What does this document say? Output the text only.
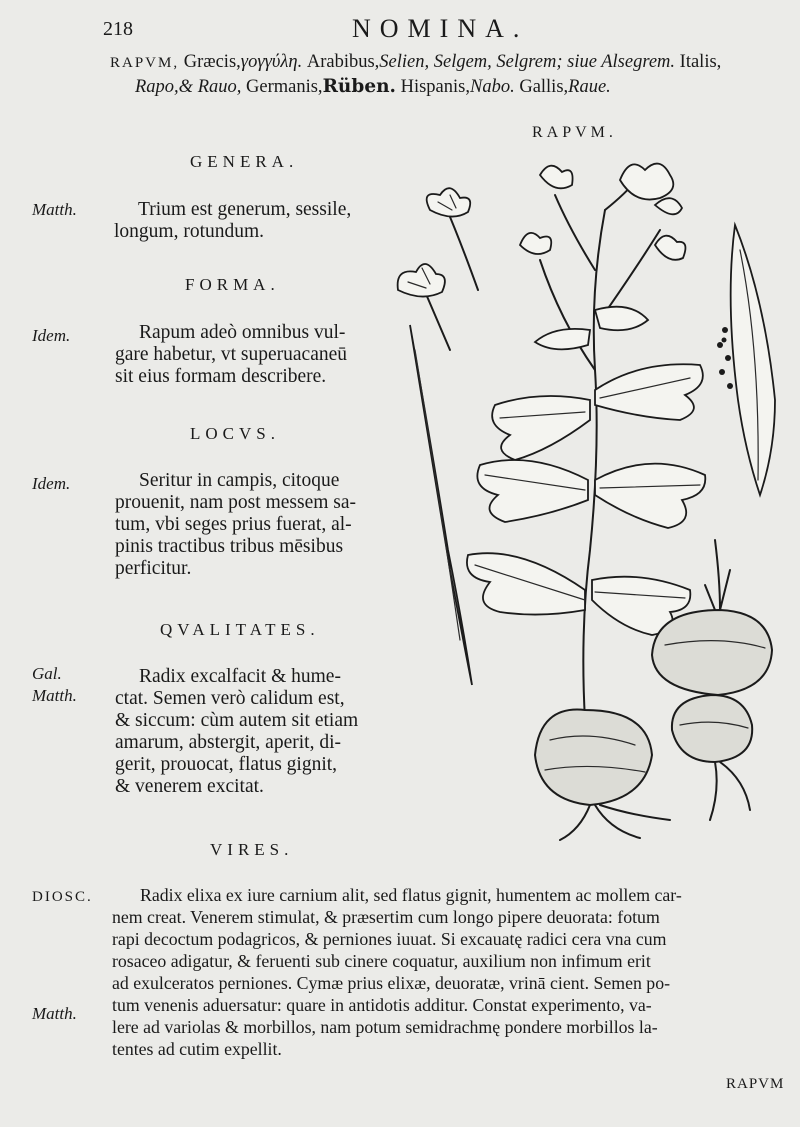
218	NOMINA.
RAPVM, Græcis,γογγύλη. Arabibus,Selien, Selgem, Selgrem; siue Alsegrem. Italis,
Rapo,& Rauo, Germanis,Rüben. Hispanis,Nabo. Gallis,Raue.
RAPVM.
GENERA.
Matth.	Trium est generum, sessile,

longum, rotundum.

FORMA.
Idem.	Rapum adeò omnibus vul-

gare habetur, vt superuacaneū

sit eius formam describere.

LOCVS.
Idem.	Seritur in campis, citoque

prouenit, nam post messem sa-

tum, vbi seges prius fuerat, al-

pinis tractibus tribus mēsibus

perficitur.

QVALITATES.
Gal.
Matth.

Radix excalfacit & hume-

ctat. Semen verò calidum est,

& siccum: cùm autem sit etiam

amarum, abstergit, aperit, di-

gerit, prouocat, flatus gignit,

& venerem excitat.

VIRES.
DIOSC.
Matth.
Radix elixa ex iure carnium alit, sed flatus gignit, humentem ac mollem car-
nem creat. Venerem stimulat, & præsertim cum longo pipere deuorata: fotum
rapi decoctum podagricos, & perniones iuuat. Si excauatę radici cera vna cum
rosaceo adigatur, & feruenti sub cinere coquatur, auxilium non infimum erit
ad exulceratos perniones. Cymæ prius elixæ, deuoratæ, vrinā cient. Semen po-
tum venenis aduersatur: quare in antidotis additur. Constat experimento, va-
lere ad variolas & morbillos, nam potum semidrachmę pondere morbillos la-
tentes ad cutim expellit.
RAPVM
